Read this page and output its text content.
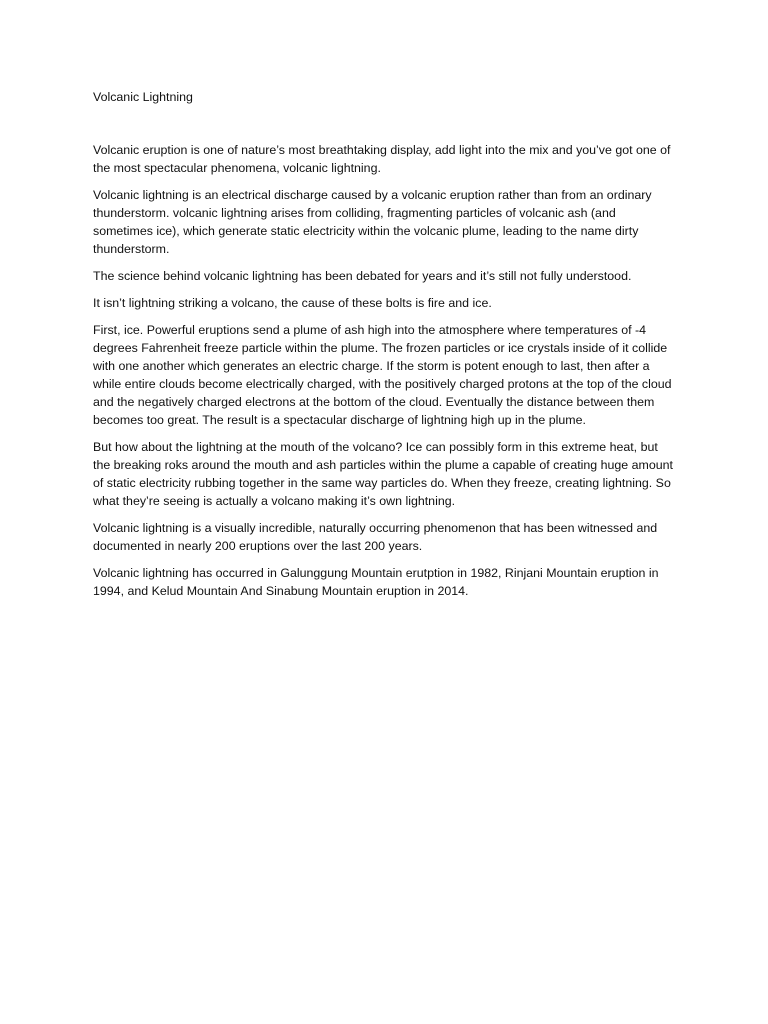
Volcanic Lightning

Volcanic eruption is one of nature’s most breathtaking display, add light into the mix and you’ve got one of the most spectacular phenomena, volcanic lightning.

Volcanic lightning is an electrical discharge caused by a volcanic eruption rather than from an ordinary thunderstorm. volcanic lightning arises from colliding, fragmenting particles of volcanic ash (and sometimes ice), which generate static electricity within the volcanic plume, leading to the name dirty thunderstorm.

The science behind volcanic lightning has been debated for years and it’s still not fully understood.

It isn’t lightning striking a volcano, the cause of these bolts is fire and ice.

First, ice. Powerful eruptions send a plume of ash high into the atmosphere where temperatures of -4 degrees Fahrenheit freeze particle within the plume. The frozen particles or ice crystals inside of it collide with one another which generates an electric charge. If the storm is potent enough to last, then after a while entire clouds become electrically charged, with the positively charged protons at the top of the cloud and the negatively charged electrons at the bottom of the cloud. Eventually the distance between them becomes too great. The result is a spectacular discharge of lightning high up in the plume.

But how about the lightning at the mouth of the volcano? Ice can possibly form in this extreme heat, but the breaking roks around the mouth and ash particles within the plume a capable of creating huge amount of static electricity rubbing together in the same way particles do. When they freeze, creating lightning. So what they’re seeing is actually a volcano making it’s own lightning.

Volcanic lightning is a visually incredible, naturally occurring phenomenon that has been witnessed and documented in nearly 200 eruptions over the last 200 years.

Volcanic lightning has occurred in Galunggung Mountain erutption in 1982, Rinjani Mountain eruption in 1994, and Kelud Mountain And Sinabung Mountain eruption in 2014.
